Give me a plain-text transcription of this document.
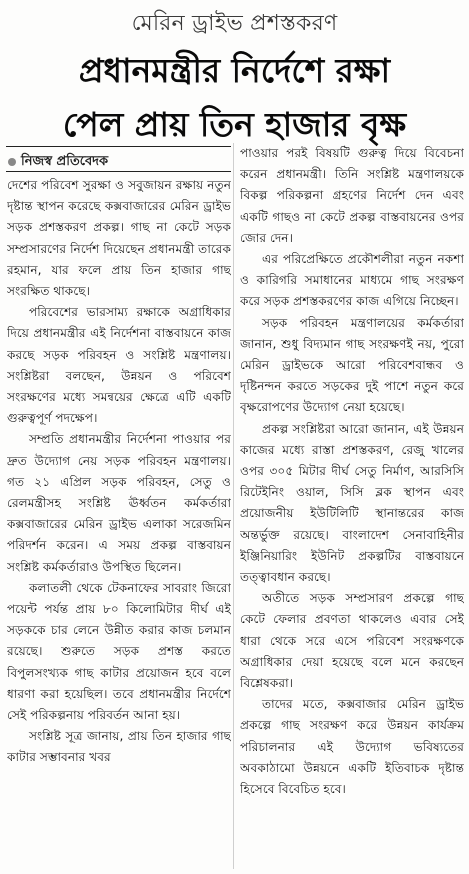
মেরিন ড্রাইভ প্রশস্তকরণ
প্রধানমন্ত্রীর নির্দেশে রক্ষা
পেল প্রায় তিন হাজার বৃক্ষ
নিজস্ব প্রতিবেদক

দেশের পরিবেশ সুরক্ষা ও সবুজায়ন রক্ষায় নতুন দৃষ্টান্ত স্থাপন করেছে কক্সবাজারের মেরিন ড্রাইভ সড়ক প্রশস্তকরণ প্রকল্প। গাছ না কেটে সড়ক সম্প্রসারণের নির্দেশ দিয়েছেন প্রধানমন্ত্রী তারেক রহমান, যার ফলে প্রায় তিন হাজার গাছ সংরক্ষিত থাকছে।

পরিবেশের ভারসাম্য রক্ষাকে অগ্রাধিকার দিয়ে প্রধানমন্ত্রীর এই নির্দেশনা বাস্তবায়নে কাজ করছে সড়ক পরিবহন ও সংশ্লিষ্ট মন্ত্রণালয়। সংশ্লিষ্টরা বলছেন, উন্নয়ন ও পরিবেশ সংরক্ষণের মধ্যে সমন্বয়ের ক্ষেত্রে এটি একটি গুরুত্বপূর্ণ পদক্ষেপ।

সম্প্রতি প্রধানমন্ত্রীর নির্দেশনা পাওয়ার পর দ্রুত উদ্যোগ নেয় সড়ক পরিবহন মন্ত্রণালয়। গত ২১ এপ্রিল সড়ক পরিবহন, সেতু ও রেলমন্ত্রীসহ সংশ্লিষ্ট ঊর্ধ্বতন কর্মকর্তারা কক্সবাজারের মেরিন ড্রাইভ এলাকা সরেজমিন পরিদর্শন করেন। এ সময় প্রকল্প বাস্তবায়ন সংশ্লিষ্ট কর্মকর্তারাও উপস্থিত ছিলেন।

কলাতলী থেকে টেকনাফের সাবরাং জিরো পয়েন্ট পর্যন্ত প্রায় ৮০ কিলোমিটার দীর্ঘ এই সড়ককে চার লেনে উন্নীত করার কাজ চলমান রয়েছে। শুরুতে সড়ক প্রশস্ত করতে বিপুলসংখ্যক গাছ কাটার প্রয়োজন হবে বলে ধারণা করা হয়েছিল। তবে প্রধানমন্ত্রীর নির্দেশে সেই পরিকল্পনায় পরিবর্তন আনা হয়।

সংশ্লিষ্ট সূত্র জানায়, প্রায় তিন হাজার গাছ কাটার সম্ভাবনার খবর

পাওয়ার পরই বিষয়টি গুরুত্ব দিয়ে বিবেচনা করেন প্রধানমন্ত্রী। তিনি সংশ্লিষ্ট মন্ত্রণালয়কে বিকল্প পরিকল্পনা গ্রহণের নির্দেশ দেন এবং একটি গাছও না কেটে প্রকল্প বাস্তবায়নের ওপর জোর দেন।

এর পরিপ্রেক্ষিতে প্রকৌশলীরা নতুন নকশা ও কারিগরি সমাধানের মাধ্যমে গাছ সংরক্ষণ করে সড়ক প্রশস্তকরণের কাজ এগিয়ে নিচ্ছেন।

সড়ক পরিবহন মন্ত্রণালয়ের কর্মকর্তারা জানান, শুধু বিদ্যমান গাছ সংরক্ষণই নয়, পুরো মেরিন ড্রাইভকে আরো পরিবেশবান্ধব ও দৃষ্টিনন্দন করতে সড়কের দুই পাশে নতুন করে বৃক্ষরোপণের উদ্যোগ নেয়া হয়েছে।

প্রকল্প সংশ্লিষ্টরা আরো জানান, এই উন্নয়ন কাজের মধ্যে রাস্তা প্রশস্তকরণ, রেজু খালের ওপর ৩০৫ মিটার দীর্ঘ সেতু নির্মাণ, আরসিসি রিটেইনিং ওয়াল, সিসি ব্লক স্থাপন এবং প্রয়োজনীয় ইউটিলিটি স্থানান্তরের কাজ অন্তর্ভুক্ত রয়েছে। বাংলাদেশ সেনাবাহিনীর ইঞ্জিনিয়ারিং ইউনিট প্রকল্পটির বাস্তবায়নে তত্ত্বাবধান করছে।

অতীতে সড়ক সম্প্রসারণ প্রকল্পে গাছ কেটে ফেলার প্রবণতা থাকলেও এবার সেই ধারা থেকে সরে এসে পরিবেশ সংরক্ষণকে অগ্রাধিকার দেয়া হয়েছে বলে মনে করছেন বিশ্লেষকরা।

তাদের মতে, কক্সবাজার মেরিন ড্রাইভ প্রকল্পে গাছ সংরক্ষণ করে উন্নয়ন কার্যক্রম পরিচালনার এই উদ্যোগ ভবিষ্যতের অবকাঠামো উন্নয়নে একটি ইতিবাচক দৃষ্টান্ত হিসেবে বিবেচিত হবে।
